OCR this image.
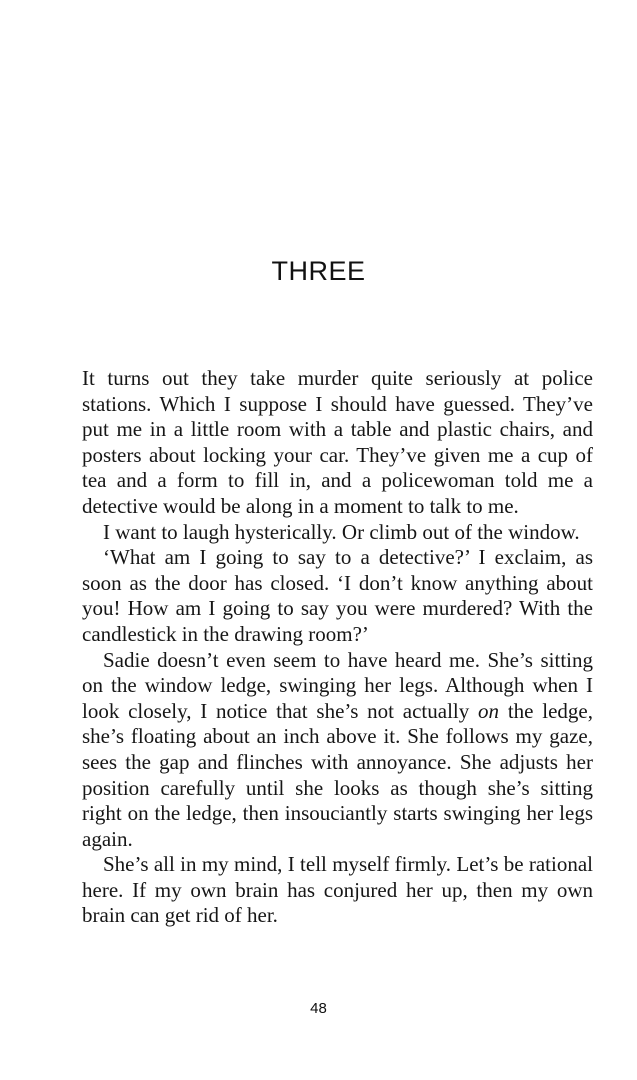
THREE

It turns out they take murder quite seriously at police stations. Which I suppose I should have guessed. They’ve put me in a little room with a table and plastic chairs, and posters about locking your car. They’ve given me a cup of tea and a form to fill in, and a policewoman told me a detective would be along in a moment to talk to me.

I want to laugh hysterically. Or climb out of the window.

‘What am I going to say to a detective?’ I exclaim, as soon as the door has closed. ‘I don’t know anything about you! How am I going to say you were murdered? With the candlestick in the drawing room?’

Sadie doesn’t even seem to have heard me. She’s sitting on the window ledge, swinging her legs. Although when I look closely, I notice that she’s not actually on the ledge, she’s floating about an inch above it. She follows my gaze, sees the gap and flinches with annoyance. She adjusts her position carefully until she looks as though she’s sitting right on the ledge, then insouciantly starts swinging her legs again.

She’s all in my mind, I tell myself firmly. Let’s be rational here. If my own brain has conjured her up, then my own brain can get rid of her.

48
